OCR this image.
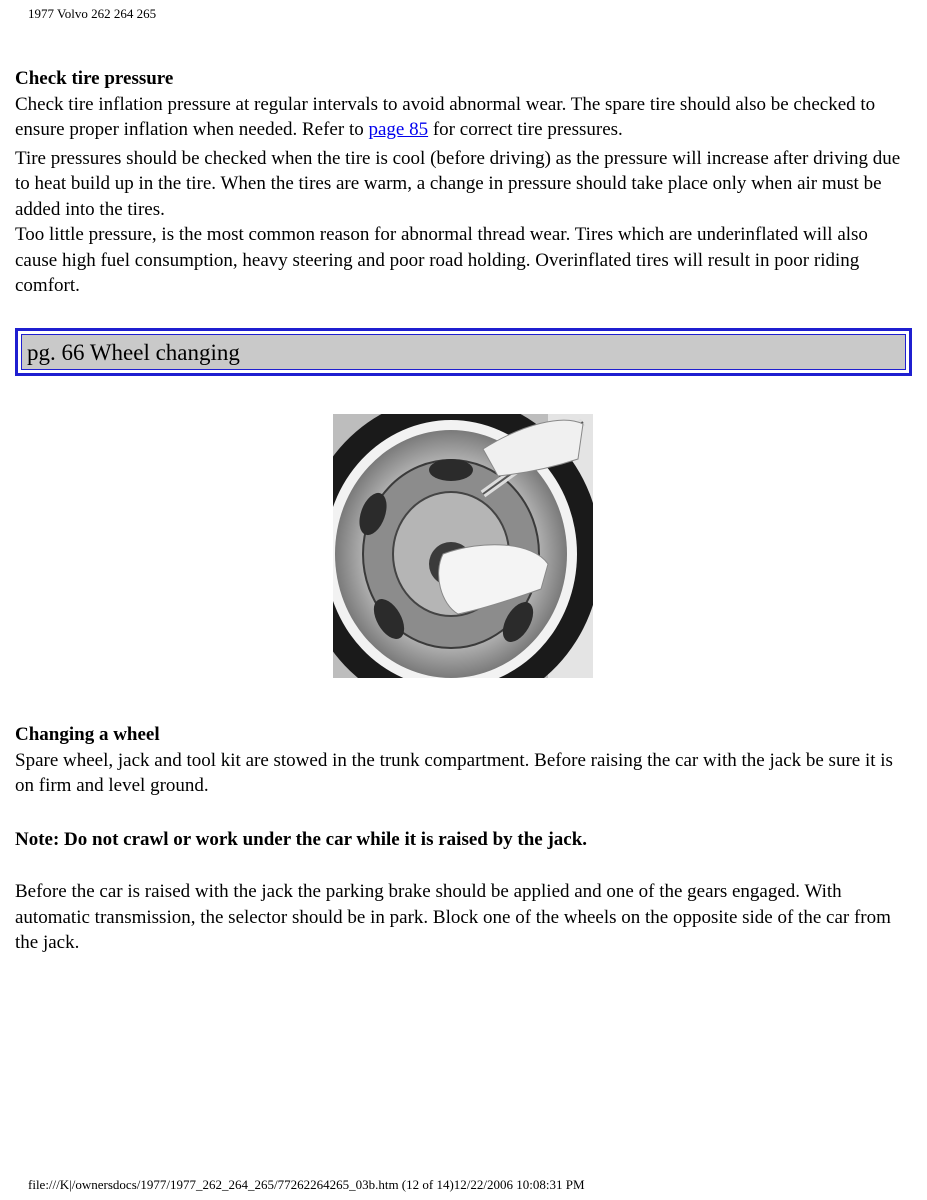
1977 Volvo 262 264 265

Check tire pressure

Check tire inflation pressure at regular intervals to avoid abnormal wear. The spare tire should also be checked to ensure proper inflation when needed. Refer to page 85 for correct tire pressures.

Tire pressures should be checked when the tire is cool (before driving) as the pressure will increase after driving due to heat build up in the tire. When the tires are warm, a change in pressure should take place only when air must be added into the tires.

Too little pressure, is the most common reason for abnormal thread wear. Tires which are underinflated will also cause high fuel consumption, heavy steering and poor road holding. Overinflated tires will result in poor riding comfort.

pg. 66 Wheel changing

Changing a wheel

Spare wheel, jack and tool kit are stowed in the trunk compartment. Before raising the car with the jack be sure it is on firm and level ground.

Note: Do not crawl or work under the car while it is raised by the jack.

Before the car is raised with the jack the parking brake should be applied and one of the gears engaged. With automatic transmission, the selector should be in park. Block one of the wheels on the opposite side of the car from the jack.

file:///K|/ownersdocs/1977/1977_262_264_265/77262264265_03b.htm (12 of 14)12/22/2006 10:08:31 PM
